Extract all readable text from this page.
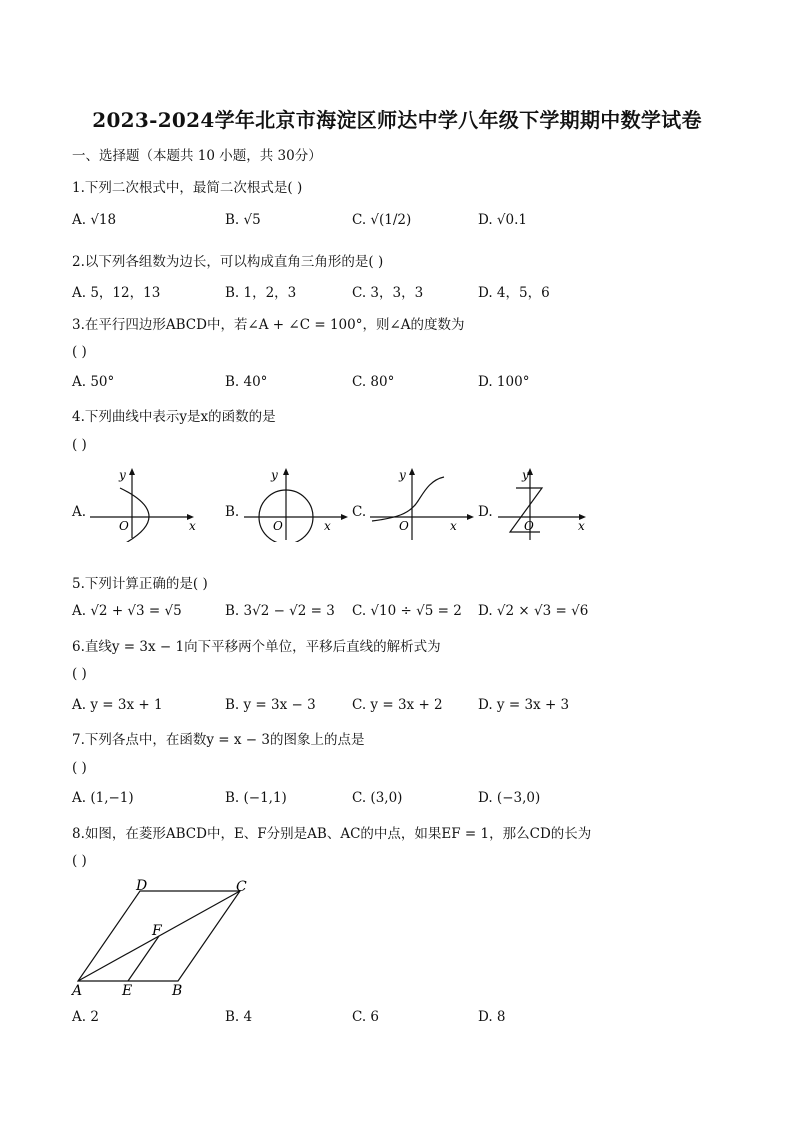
2023-2024学年北京市海淀区师达中学八年级下学期期中数学试卷
一、选择题（本题共 10 小题，共 30分）
1.下列二次根式中，最简二次根式是( )
A. √18	B. √5	C. √(1/2)	D. √0.1
2.以下列各组数为边长，可以构成直角三角形的是( )
A. 5，12，13	B. 1，2，3	C. 3，3，3	D. 4，5，6
3.在平行四边形ABCD中，若∠A + ∠C = 100°，则∠A的度数为
( )
A. 50°	B. 40°	C. 80°	D. 100°
4.下列曲线中表示y是x的函数的是
( )
A.	B.	C.	D.
y
x
O
y
x
O
y
x
O
y
x
O
5.下列计算正确的是( )
A. √2 + √3 = √5	B. 3√2 − √2 = 3 C. √10 ÷ √5 = 2 D. √2 × √3 = √6
6.直线y = 3x − 1向下平移两个单位，平移后直线的解析式为
( )
A. y = 3x + 1	B. y = 3x − 3	C. y = 3x + 2	D. y = 3x + 3
7.下列各点中，在函数y = x − 3的图象上的点是
( )
A. (1,−1)	B. (−1,1)	C. (3,0)	D. (−3,0)
8.如图，在菱形ABCD中，E、F分别是AB、AC的中点，如果EF = 1，那么CD的长为
( )
A	E	B
C
D
F
A. 2	B. 4	C. 6	D. 8
